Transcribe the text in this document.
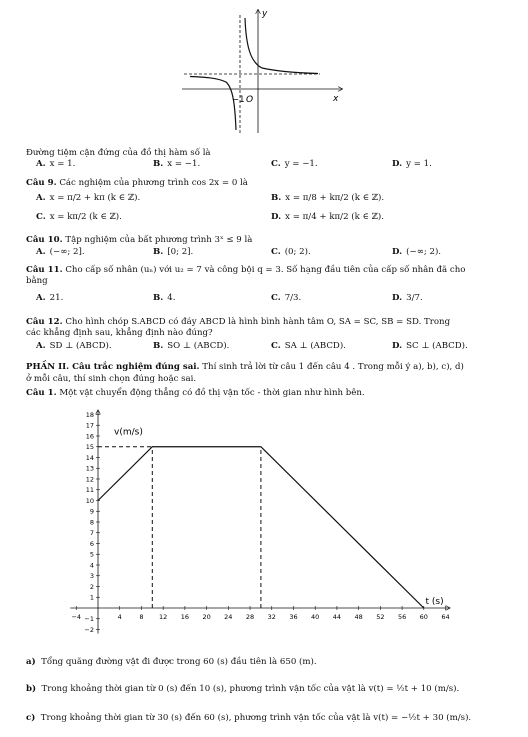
y
x
−1 O
Đường tiệm cận đứng của đồ thị hàm số là
A. x = 1.	B. x = −1.	C. y = −1.	D. y = 1.
Câu 9. Các nghiệm của phương trình cos 2x = 0 là
A. x = π/2 + kπ (k ∈ ℤ).	B. x = π/8 + kπ/2 (k ∈ ℤ).
C. x = kπ/2 (k ∈ ℤ).	D. x = π/4 + kπ/2 (k ∈ ℤ).
Câu 10. Tập nghiệm của bất phương trình 3ˣ ≤ 9 là
A. (−∞; 2].	B. [0; 2].	C. (0; 2).	D. (−∞; 2).
Câu 11. Cho cấp số nhân (uₙ) với u₂ = 7 và công bội q = 3. Số hạng đầu tiên của cấp số nhân đã cho
bằng
A. 21.	B. 4.	C. 7/3.	D. 3/7.
Câu 12. Cho hình chóp S.ABCD có đáy ABCD là hình bình hành tâm O, SA = SC, SB = SD. Trong
các khẳng định sau, khẳng định nào đúng?
A. SD ⊥ (ABCD).	B. SO ⊥ (ABCD).	C. SA ⊥ (ABCD).	D. SC ⊥ (ABCD).
PHẦN II. Câu trắc nghiệm đúng sai. Thí sinh trả lời từ câu 1 đến câu 4 . Trong mỗi ý a), b), c), d)
ở mỗi câu, thí sinh chọn đúng hoặc sai.
Câu 1. Một vật chuyển động thẳng có đồ thị vận tốc - thời gian như hình bên.
−4	4	8 12 16 20 24 28 32 36 40 44 48 52 56 60 64
−2
−1
1
2
3
4
5
6
7
8
9
10
11
12
13
14
15
16
17
18
v(m/s)
t (s)
a) Tổng quãng đường vật đi được trong 60 (s) đầu tiên là 650 (m).
b) Trong khoảng thời gian từ 0 (s) đến 10 (s), phương trình vận tốc của vật là v(t) = ½t + 10 (m/s).
c) Trong khoảng thời gian từ 30 (s) đến 60 (s), phương trình vận tốc của vật là v(t) = −½t + 30 (m/s).
